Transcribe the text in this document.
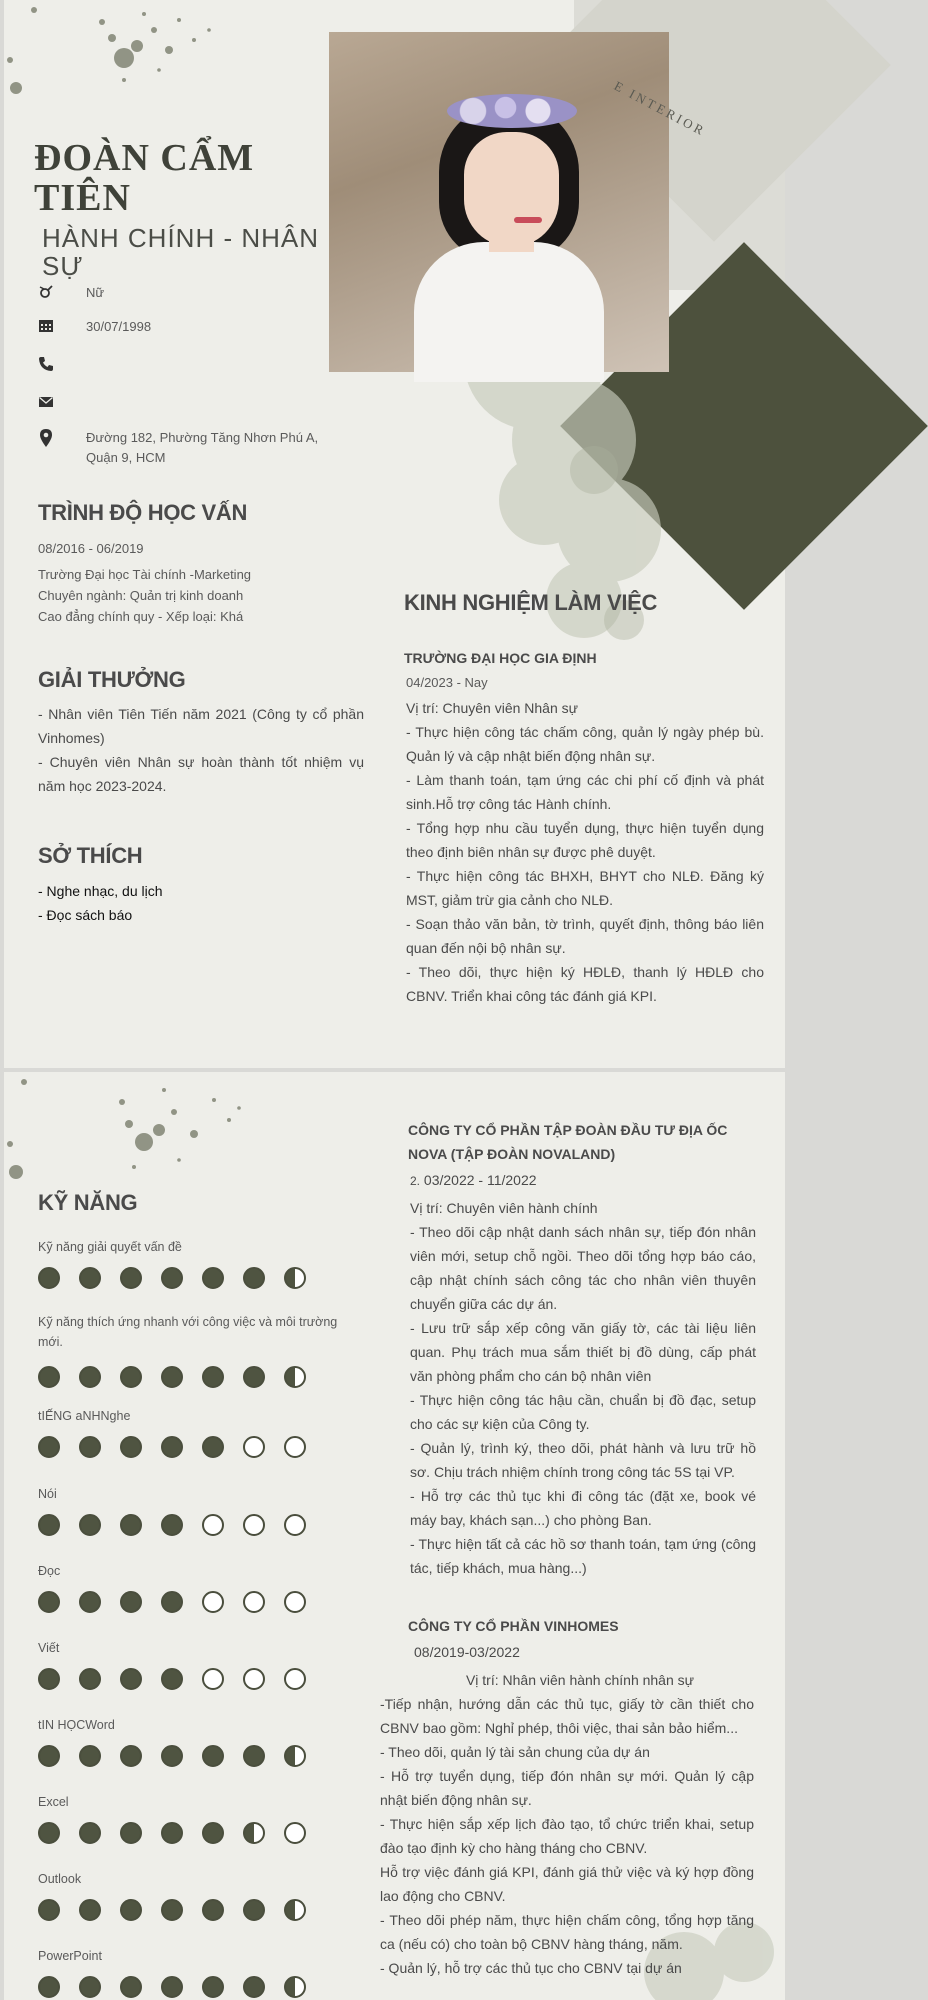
E INTERIOR
ĐOÀN CẨM TIÊN
HÀNH CHÍNH - NHÂN SỰ
Nữ
30/07/1998
Đường 182, Phường Tăng Nhơn Phú A, Quận 9, HCM
TRÌNH ĐỘ HỌC VẤN
08/2016 - 06/2019
Trường Đại học Tài chính -Marketing
Chuyên ngành: Quản trị kinh doanh
Cao đẳng chính quy - Xếp loại: Khá
GIẢI THƯỞNG

- Nhân viên Tiên Tiến năm 2021 (Công ty cổ phần Vinhomes)

- Chuyên viên Nhân sự hoàn thành tốt nhiệm vụ năm học 2023-2024.

SỞ THÍCH

- Nghe nhạc, du lịch

- Đọc sách báo

KINH NGHIỆM LÀM VIỆC
TRƯỜNG ĐẠI HỌC GIA ĐỊNH
04/2023 - Nay
Vị trí: Chuyên viên Nhân sự

- Thực hiện công tác chấm công, quản lý ngày phép bù. Quản lý và cập nhật biến động nhân sự.

- Làm thanh toán, tạm ứng các chi phí cố định và phát sinh.Hỗ trợ công tác Hành chính.

- Tổng hợp nhu cầu tuyển dụng, thực hiện tuyển dụng theo định biên nhân sự được phê duyệt.

- Thực hiện công tác BHXH, BHYT cho NLĐ. Đăng ký MST, giảm trừ gia cảnh cho NLĐ.

- Soạn thảo văn bản, tờ trình, quyết định, thông báo liên quan đến nội bộ nhân sự.

- Theo dõi, thực hiện ký HĐLĐ, thanh lý HĐLĐ cho CBNV. Triển khai công tác đánh giá KPI.

KỸ NĂNG
CÔNG TY CỔ PHẦN TẬP ĐOÀN ĐẦU TƯ ĐỊA ỐC NOVA (TẬP ĐOÀN NOVALAND)
2. 03/2022 - 11/2022
Vị trí: Chuyên viên hành chính

- Theo dõi cập nhật danh sách nhân sự, tiếp đón nhân viên mới, setup chỗ ngồi. Theo dõi tổng hợp báo cáo, cập nhật chính sách công tác cho nhân viên thuyên chuyển giữa các dự án.

- Lưu trữ sắp xếp công văn giấy tờ, các tài liệu liên quan. Phụ trách mua sắm thiết bị đồ dùng, cấp phát văn phòng phẩm cho cán bộ nhân viên

- Thực hiện công tác hậu cần, chuẩn bị đồ đạc, setup cho các sự kiện của Công ty.

- Quản lý, trình ký, theo dõi, phát hành và lưu trữ hồ sơ. Chịu trách nhiệm chính trong công tác 5S tại VP.

- Hỗ trợ các thủ tục khi đi công tác (đặt xe, book vé máy bay, khách sạn...) cho phòng Ban.

- Thực hiện tất cả các hồ sơ thanh toán, tạm ứng (công tác, tiếp khách, mua hàng...)

CÔNG TY CỔ PHẦN VINHOMES
08/2019-03/2022
Vị trí: Nhân viên hành chính nhân sự

-Tiếp nhận, hướng dẫn các thủ tục, giấy tờ cần thiết cho CBNV bao gồm: Nghỉ phép, thôi việc, thai sản bảo hiểm...

- Theo dõi, quản lý tài sản chung của dự án

- Hỗ trợ tuyển dụng, tiếp đón nhân sự mới. Quản lý cập nhật biến động nhân sự.

- Thực hiện sắp xếp lịch đào tạo, tổ chức triển khai, setup đào tạo định kỳ cho hàng tháng cho CBNV.

Hỗ trợ việc đánh giá KPI, đánh giá thử việc và ký hợp đồng lao động cho CBNV.

- Theo dõi phép năm, thực hiện chấm công, tổng hợp tăng ca (nếu có) cho toàn bộ CBNV hàng tháng, năm.

- Quản lý, hỗ trợ các thủ tục cho CBNV tại dự án

Kỹ năng giải quyết vấn đề
Kỹ năng thích ứng nhanh với công việc và môi trường mới.
tIẾNG aNHNghe
Nói
Đọc
Viết
tIN HỌCWord
Excel
Outlook
PowerPoint
